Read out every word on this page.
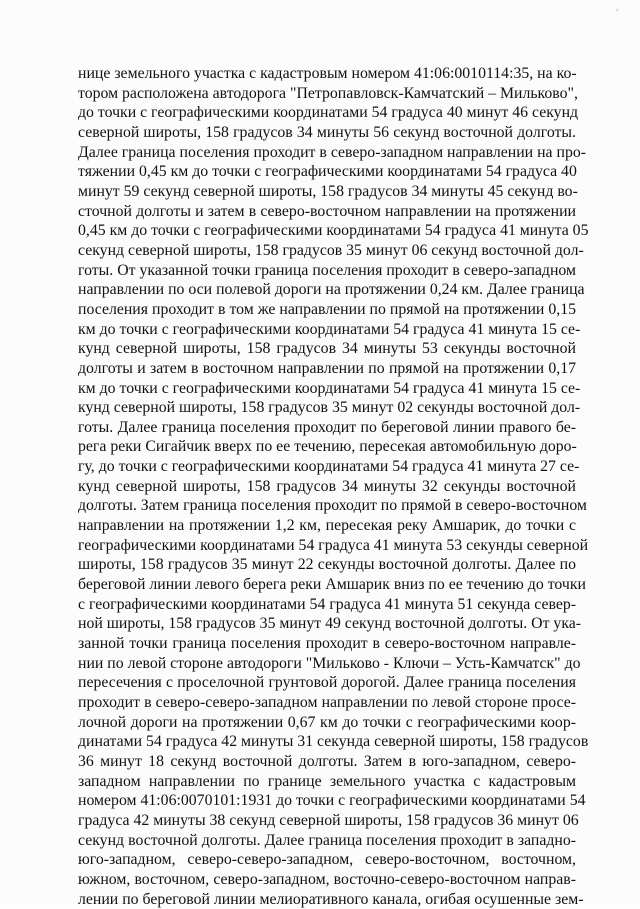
'
нице земельного участка с кадастровым номером 41:06:0010114:35, на ко-
тором расположена автодорога "Петропавловск-Камчатский – Мильково",
до точки с географическими координатами 54 градуса 40 минут 46 секунд
северной широты, 158 градусов 34 минуты 56 секунд восточной долготы.
Далее граница поселения проходит в северо-западном направлении на про-
тяжении 0,45 км до точки с географическими координатами 54 градуса 40
минут 59 секунд северной широты, 158 градусов 34 минуты 45 секунд во-
сточной долготы и затем в северо-восточном направлении на протяжении
0,45 км до точки с географическими координатами 54 градуса 41 минута 05
секунд северной широты, 158 градусов 35 минут 06 секунд восточной дол-
готы. От указанной точки граница поселения проходит в северо-западном
направлении по оси полевой дороги на протяжении 0,24 км. Далее граница
поселения проходит в том же направлении по прямой на протяжении 0,15
км до точки с географическими координатами 54 градуса 41 минута 15 се-
кунд северной широты, 158 градусов 34 минуты 53 секунды восточной
долготы и затем в восточном направлении по прямой на протяжении 0,17
км до точки с географическими координатами 54 градуса 41 минута 15 се-
кунд северной широты, 158 градусов 35 минут 02 секунды восточной дол-
готы. Далее граница поселения проходит по береговой линии правого бе-
рега реки Сигайчик вверх по ее течению, пересекая автомобильную доро-
гу, до точки с географическими координатами 54 градуса 41 минута 27 се-
кунд северной широты, 158 градусов 34 минуты 32 секунды восточной
долготы. Затем граница поселения проходит по прямой в северо-восточном
направлении на протяжении 1,2 км, пересекая реку Амшарик, до точки с
географическими координатами 54 градуса 41 минута 53 секунды северной
широты, 158 градусов 35 минут 22 секунды восточной долготы. Далее по
береговой линии левого берега реки Амшарик вниз по ее течению до точки
с географическими координатами 54 градуса 41 минута 51 секунда север-
ной широты, 158 градусов 35 минут 49 секунд восточной долготы. От ука-
занной точки граница поселения проходит в северо-восточном направле-
нии по левой стороне автодороги "Мильково - Ключи – Усть-Камчатск" до
пересечения с проселочной грунтовой дорогой. Далее граница поселения
проходит в северо-северо-западном направлении по левой стороне просе-
лочной дороги на протяжении 0,67 км до точки с географическими коор-
динатами 54 градуса 42 минуты 31 секунда северной широты, 158 градусов
36 минут 18 секунд восточной долготы. Затем в юго-западном, северо-
западном направлении по границе земельного участка с кадастровым
номером 41:06:0070101:1931 до точки с географическими координатами 54
градуса 42 минуты 38 секунд северной широты, 158 градусов 36 минут 06
секунд восточной долготы. Далее граница поселения проходит в западно-
юго-западном, северо-северо-западном, северо-восточном, восточном,
южном, восточном, северо-западном, восточно-северо-восточном направ-
лении по береговой линии мелиоративного канала, огибая осушенные зем-
